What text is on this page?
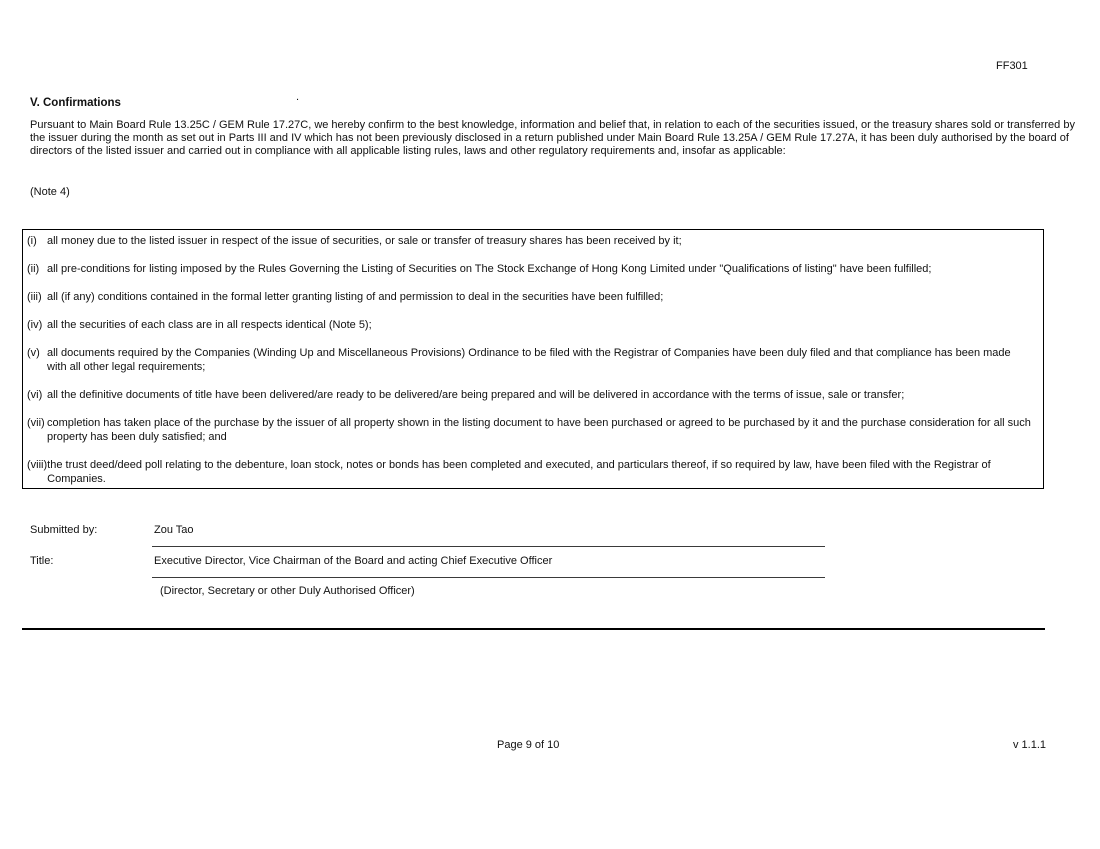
FF301
V. Confirmations	.
Pursuant to Main Board Rule 13.25C / GEM Rule 17.27C, we hereby confirm to the best knowledge, information and belief that, in relation to each of the securities issued, or the treasury shares sold or transferred by the issuer during the month as set out in Parts III and IV which has not been previously disclosed in a return published under Main Board Rule 13.25A / GEM Rule 17.27A, it has been duly authorised by the board of directors of the listed issuer and carried out in compliance with all applicable listing rules, laws and other regulatory requirements and, insofar as applicable:
(Note 4)
(i) all money due to the listed issuer in respect of the issue of securities, or sale or transfer of treasury shares has been received by it;
(ii) all pre-conditions for listing imposed by the Rules Governing the Listing of Securities on The Stock Exchange of Hong Kong Limited under "Qualifications of listing" have been fulfilled;
(iii) all (if any) conditions contained in the formal letter granting listing of and permission to deal in the securities have been fulfilled;
(iv) all the securities of each class are in all respects identical (Note 5);
(v) all documents required by the Companies (Winding Up and Miscellaneous Provisions) Ordinance to be filed with the Registrar of Companies have been duly filed and that compliance has been made with all other legal requirements;
(vi) all the definitive documents of title have been delivered/are ready to be delivered/are being prepared and will be delivered in accordance with the terms of issue, sale or transfer;
(vii) completion has taken place of the purchase by the issuer of all property shown in the listing document to have been purchased or agreed to be purchased by it and the purchase consideration for all such property has been duly satisfied; and
(viii) the trust deed/deed poll relating to the debenture, loan stock, notes or bonds has been completed and executed, and particulars thereof, if so required by law, have been filed with the Registrar of Companies.
Submitted by:	Zou Tao
Title:	Executive Director, Vice Chairman of the Board and acting Chief Executive Officer
(Director, Secretary or other Duly Authorised Officer)
Page 9 of 10	v 1.1.1
